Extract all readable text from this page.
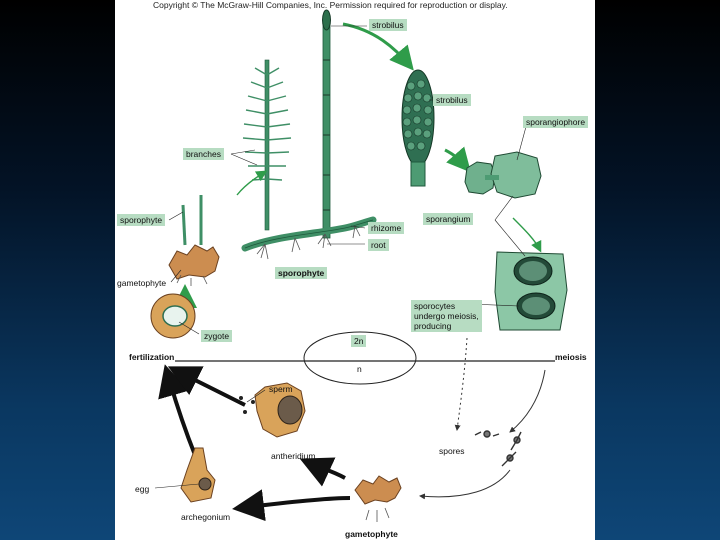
Copyright © The McGraw-Hill Companies, Inc. Permission required for reproduction or display.
strobilus
strobilus
sporangiophore
branches
sporophyte
rhizome
root
sporophyte
sporangium
gametophyte
zygote
sporocytes
undergo meiosis,
producing
2n
n
fertilization	meiosis
sperm
antheridium	spores
egg
archegonium
gametophyte
